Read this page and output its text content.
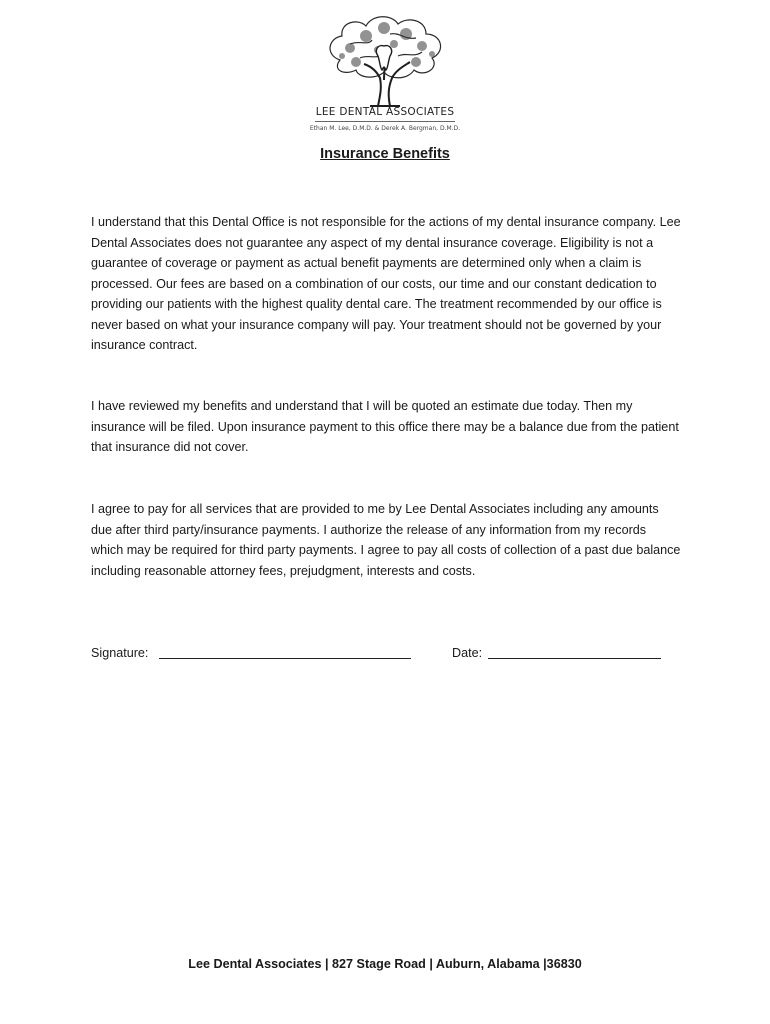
LEE DENTAL ASSOCIATES
Ethan M. Lee, D.M.D. & Derek A. Bergman, D.M.D.
Insurance Benefits

I understand that this Dental Office is not responsible for the actions of my dental insurance company. Lee Dental Associates does not guarantee any aspect of my dental insurance coverage. Eligibility is not a guarantee of coverage or payment as actual benefit payments are determined only when a claim is processed. Our fees are based on a combination of our costs, our time and our constant dedication to providing our patients with the highest quality dental care. The treatment recommended by our office is never based on what your insurance company will pay. Your treatment should not be governed by your insurance contract.

I have reviewed my benefits and understand that I will be quoted an estimate due today. Then my insurance will be filed. Upon insurance payment to this office there may be a balance due from the patient that insurance did not cover.

I agree to pay for all services that are provided to me by Lee Dental Associates including any amounts due after third party/insurance payments. I authorize the release of any information from my records which may be required for third party payments. I agree to pay all costs of collection of a past due balance including reasonable attorney fees, prejudgment, interests and costs.

Signature:	Date:
Lee Dental Associates | 827 Stage Road | Auburn, Alabama |36830
